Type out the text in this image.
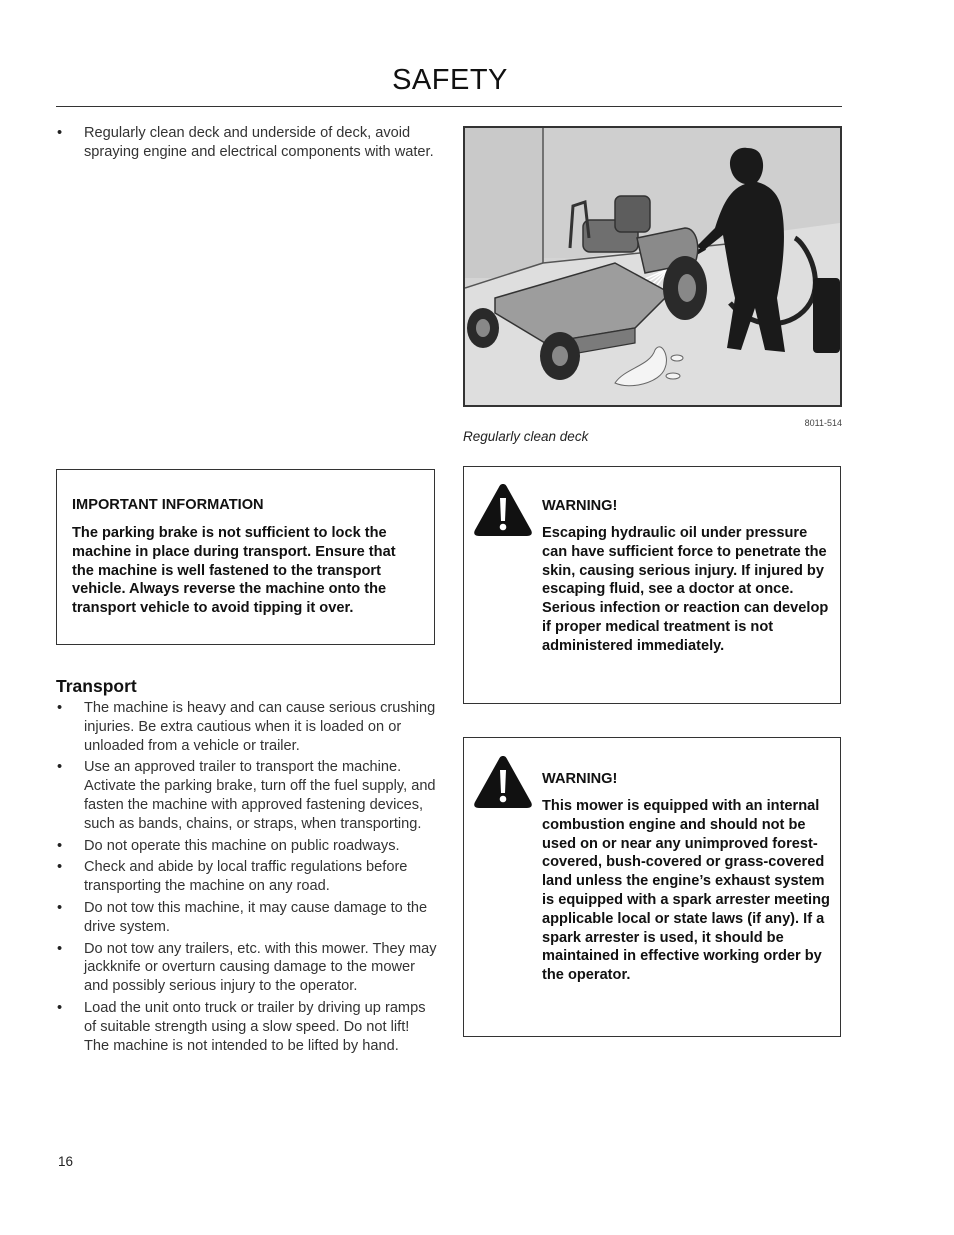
SAFETY
• Regularly clean deck and underside of deck, avoid spraying engine and electrical components with water.
8011-514
Regularly clean deck
IMPORTANT INFORMATION
The parking brake is not sufficient to lock the machine in place during transport. Ensure that the machine is well fastened to the transport vehicle. Always reverse the machine onto the transport vehicle to avoid tipping it over.
WARNING!
Escaping hydraulic oil under pressure can have sufficient force to penetrate the skin, causing serious injury. If injured by escaping fluid, see a doctor at once. Serious infection or reaction can develop if proper medical treatment is not administered immediately.
WARNING!
This mower is equipped with an internal combustion engine and should not be used on or near any unimproved forest-covered, bush-covered or grass-covered land unless the engine’s exhaust system is equipped with a spark arrester meeting applicable local or state laws (if any). If a spark arrester is used, it should be maintained in effective working order by the operator.
Transport
• The machine is heavy and can cause serious crushing injuries. Be extra cautious when it is loaded on or unloaded from a vehicle or trailer.
• Use an approved trailer to transport the machine. Activate the parking brake, turn off the fuel supply, and fasten the machine with approved fastening devices, such as bands, chains, or straps, when transporting.
• Do not operate this machine on public roadways.
• Check and abide by local traffic regulations before transporting the machine on any road.
• Do not tow this machine, it may cause damage to the drive system.
• Do not tow any trailers, etc. with this mower. They may jackknife or overturn causing damage to the mower and possibly serious injury to the operator.
• Load the unit onto truck or trailer by driving up ramps of suitable strength using a slow speed. Do not lift! The machine is not intended to be lifted by hand.
16
